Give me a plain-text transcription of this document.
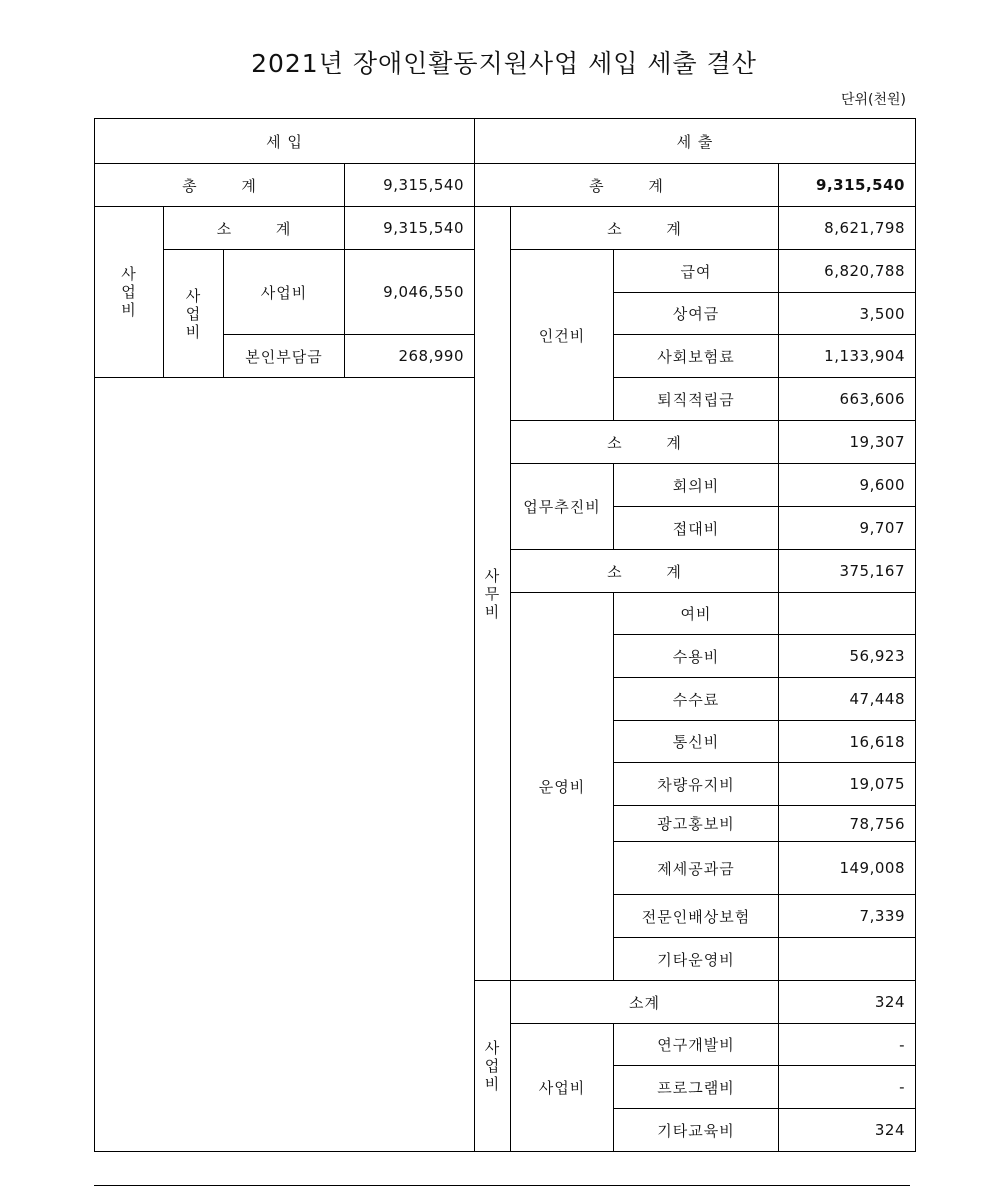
2021년 장애인활동지원사업 세입 세출 결산
단위(천원)
세 입				세 출			
총 계			9,315,540	총 계			9,315,540
사업비	소 계		9,315,540	사무비	소 계		8,621,798
	사업비	사업비	9,046,550		인건비	급여	6,820,788
						상여금	3,500
		본인부담금	268,990			사회보험료	1,133,904
						퇴직적립금	663,606
					소 계		19,307
					업무추진비	회의비	9,600
						접대비	9,707
					소 계		375,167
					운영비	여비	
						수용비	56,923
						수수료	47,448
						통신비	16,618
						차량유지비	19,075
						광고홍보비	78,756
						제세공과금	149,008
						전문인배상보험	7,339
						기타운영비	
				사업비	소계		324
					사업비	연구개발비	-
						프로그램비	-
						기타교육비	324
